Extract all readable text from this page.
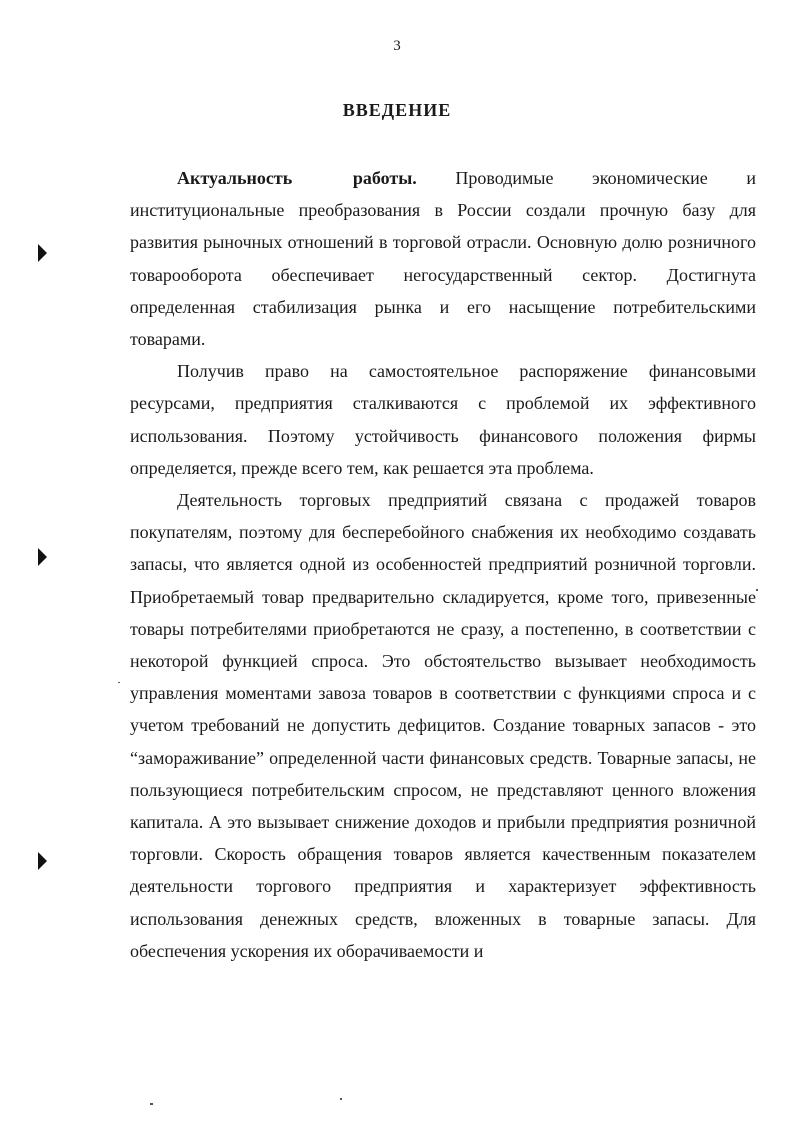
3
ВВЕДЕНИЕ

Актуальность работы. Проводимые экономические и институциональные преобразования в России создали прочную базу для развития рыночных отношений в торговой отрасли. Основную долю розничного товарооборота обеспечивает негосударственный сектор. Достигнута определенная стабилизация рынка и его насыщение потребительскими товарами.

Получив право на самостоятельное распоряжение финансовыми ресурсами, предприятия сталкиваются с проблемой их эффективного использования. Поэтому устойчивость финансового положения фирмы определяется, прежде всего тем, как решается эта проблема.

Деятельность торговых предприятий связана с продажей товаров покупателям, поэтому для бесперебойного снабжения их необходимо создавать запасы, что является одной из особенностей предприятий розничной торговли. Приобретаемый товар предварительно складируется, кроме того, привезенные товары потребителями приобретаются не сразу, а постепенно, в соответствии с некоторой функцией спроса. Это обстоятельство вызывает необходимость управления моментами завоза товаров в соответствии с функциями спроса и с учетом требований не допустить дефицитов. Создание товарных запасов - это “замораживание” определенной части финансовых средств. Товарные запасы, не пользующиеся потребительским спросом, не представляют ценного вложения капитала. А это вызывает снижение доходов и прибыли предприятия розничной торговли. Скорость обращения товаров является качественным показателем деятельности торгового предприятия и характеризует эффективность использования денежных средств, вложенных в товарные запасы. Для обеспечения ускорения их оборачиваемости и
